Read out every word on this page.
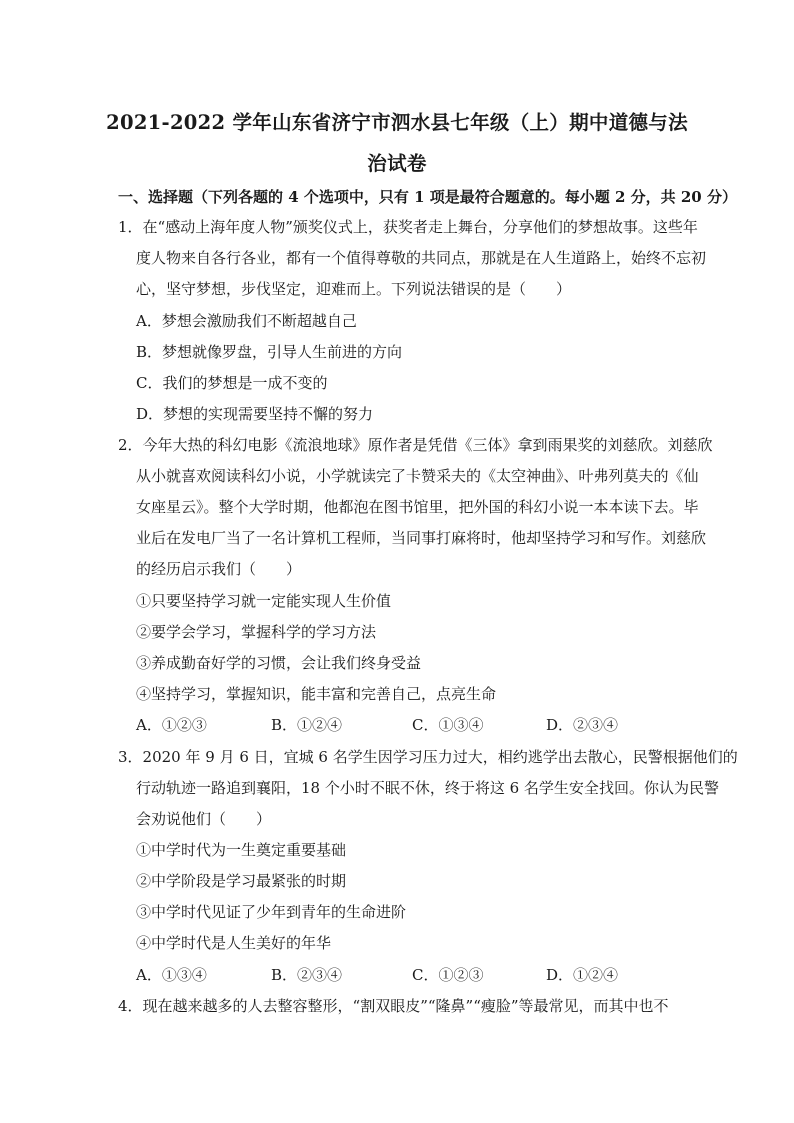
2021-2022 学年山东省济宁市泗水县七年级（上）期中道德与法
治试卷
一、选择题（下列各题的 4 个选项中，只有 1 项是最符合题意的。每小题 2 分，共 20 分）
1．在“感动上海年度人物”颁奖仪式上，获奖者走上舞台，分享他们的梦想故事。这些年
度人物来自各行各业，都有一个值得尊敬的共同点，那就是在人生道路上，始终不忘初
心，坚守梦想，步伐坚定，迎难而上。下列说法错误的是（　　）
A．梦想会激励我们不断超越自己
B．梦想就像罗盘，引导人生前进的方向
C．我们的梦想是一成不变的
D．梦想的实现需要坚持不懈的努力
2．今年大热的科幻电影《流浪地球》原作者是凭借《三体》拿到雨果奖的刘慈欣。刘慈欣
从小就喜欢阅读科幻小说，小学就读完了卡赞采夫的《太空神曲》、叶弗列莫夫的《仙
女座星云》。整个大学时期，他都泡在图书馆里，把外国的科幻小说一本本读下去。毕
业后在发电厂当了一名计算机工程师，当同事打麻将时，他却坚持学习和写作。刘慈欣
的经历启示我们（　　）
①只要坚持学习就一定能实现人生价值
②要学会学习，掌握科学的学习方法
③养成勤奋好学的习惯，会让我们终身受益
④坚持学习，掌握知识，能丰富和完善自己，点亮生命
A．①②③	B．①②④	C．①③④	D．②③④
3．2020 年 9 月 6 日，宜城 6 名学生因学习压力过大，相约逃学出去散心，民警根据他们的
行动轨迹一路追到襄阳，18 个小时不眠不休，终于将这 6 名学生安全找回。你认为民警
会劝说他们（　　）
①中学时代为一生奠定重要基础
②中学阶段是学习最紧张的时期
③中学时代见证了少年到青年的生命进阶
④中学时代是人生美好的年华
A．①③④	B．②③④	C．①②③	D．①②④
4．现在越来越多的人去整容整形，“割双眼皮”“隆鼻”“瘦脸”等最常见，而其中也不
